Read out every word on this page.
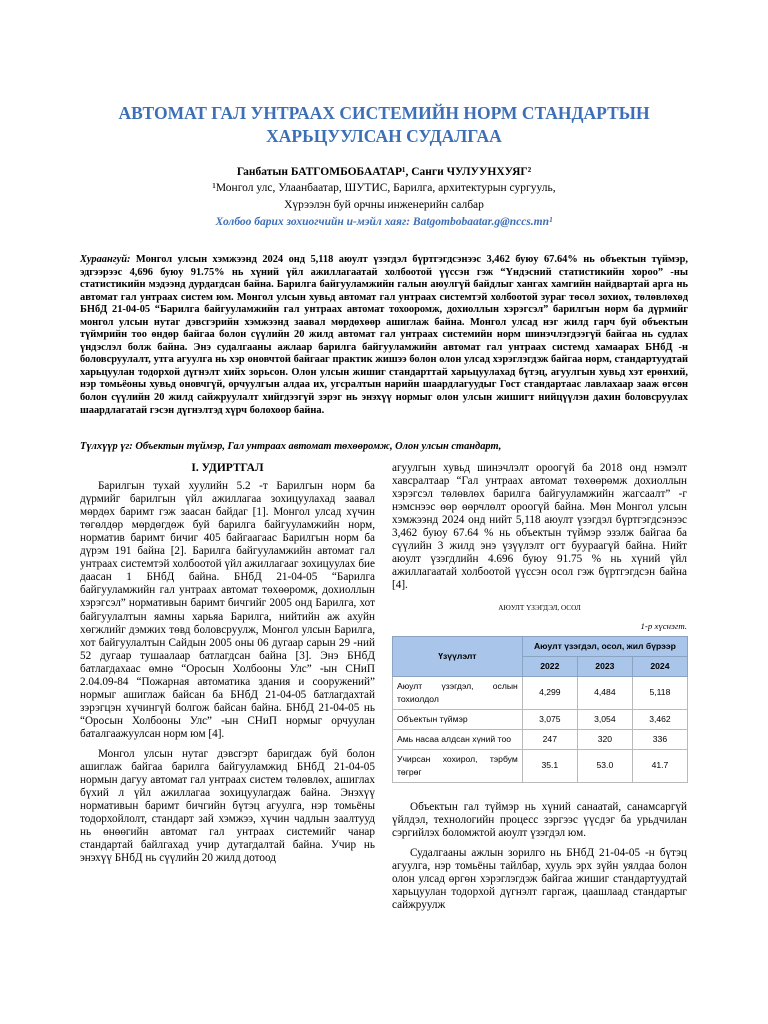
АВТОМАТ ГАЛ УНТРААХ СИСТЕМИЙН НОРМ СТАНДАРТЫН ХАРЬЦУУЛСАН СУДАЛГАА
Ганбатын БАТГОМБОБААТАР¹, Санги ЧУЛУУНХУЯГ²
¹Монгол улс, Улаанбаатар, ШУТИС, Барилга, архитектурын сургууль,
Хүрээлэн буй орчны инженерийн салбар
Холбоо барих зохиогчийн и-мэйл хаяг: Batgombobaatar.g@nccs.mn¹
Хураангуй: Монгол улсын хэмжээнд 2024 онд 5,118 аюулт үзэгдэл бүртгэгдсэнээс 3,462 буюу 67.64% нь объектын түймэр, эдгээрээс 4,696 буюу 91.75% нь хүний үйл ажиллагаатай холбоотой үүссэн гэж “Үндэсний статистикийн хороо” -ны статистикийн мэдээнд дурдагдсан байна. Барилга байгууламжийн галын аюулгүй байдлыг хангах хамгийн найдвартай арга нь автомат гал унтраах систем юм. Монгол улсын хувьд автомат гал унтраах системтэй холбоотой зураг төсөл зохиох, төлөвлөхөд БНбД 21-04-05 “Барилга байгууламжийн гал унтраах автомат тохооромж, дохиоллын хэрэгсэл” барилгын норм ба дүрмийг монгол улсын нутаг дэвсгэрийн хэмжээнд заавал мөрдөхөөр ашиглаж байна. Монгол улсад нэг жилд гарч буй объектын түймрийн тоо өндөр байгаа болон сүүлийн 20 жилд автомат гал унтраах системийн норм шинэчлэгдээгүй байгаа нь судлах үндэслэл болж байна. Энэ судалгааны ажлаар барилга байгууламжийн автомат гал унтраах системд хамаарах БНбД -н боловсруулалт, утга агуулга нь хэр оновчтой байгааг практик жишээ болон олон улсад хэрэглэгдэж байгаа норм, стандартуудтай харьцуулан тодорхой дүгнэлт хийх зорьсон. Олон улсын жишиг стандарттай харьцуулахад бүтэц, агуулгын хувьд хэт ерөнхий, нэр томьёоны хувьд оновчгүй, орчуулгын алдаа их, угсралтын нарийн шаардлагуудыг Гост стандартаас лавлахаар зааж өгсөн болон сүүлийн 20 жилд сайжруулалт хийгдээгүй зэрэг нь энэхүү нормыг олон улсын жишигт нийцүүлэн дахин боловсруулах шаардлагатай гэсэн дүгнэлтэд хүрч болохоор байна.
Түлхүүр үг: Объектын түймэр, Гал унтраах автомат төхөөромж, Олон улсын стандарт,
I. УДИРТГАЛ

Барилгын тухай хуулийн 5.2 -т Барилгын норм ба дүрмийг барилгын үйл ажиллагаа зохицуулахад заавал мөрдөх баримт гэж заасан байдаг [1]. Монгол улсад хүчин төгөлдөр мөрдөгдөж буй барилга байгууламжийн норм, норматив баримт бичиг 405 байгаагаас Барилгын норм ба дүрэм 191 байна [2]. Барилга байгууламжийн автомат гал унтраах системтэй холбоотой үйл ажиллагааг зохицуулах бие даасан 1 БНбД байна. БНбД 21-04-05 “Барилга байгууламжийн гал унтраах автомат төхөөромж, дохиоллын хэрэгсэл” нормативын баримт бичгийг 2005 онд Барилга, хот байгуулалтын яамны харьяа Барилга, нийтийн аж ахуйн хөгжлийг дэмжих төвд боловсруулж, Монгол улсын Барилга, хот байгуулалтын Сайдын 2005 оны 06 дугаар сарын 29 -ний 52 дугаар тушаалаар батлагдсан байна [3]. Энэ БНбД батлагдахаас өмнө “Оросын Холбооны Улс” -ын СНиП 2.04.09-84 “Пожарная автоматика здания и сооружений” нормыг ашиглаж байсан ба БНбД 21-04-05 батлагдахтай зэрэгцэн хүчингүй болгож байсан байна. БНбД 21-04-05 нь “Оросын Холбооны Улс” -ын СНиП нормыг орчуулан баталгаажуулсан норм юм [4].

Монгол улсын нутаг дэвсгэрт баригдаж буй болон ашиглаж байгаа барилга байгууламжид БНбД 21-04-05 нормын дагуу автомат гал унтраах систем төлөвлөх, ашиглах бүхий л үйл ажиллагаа зохицуулагдаж байна. Энэхүү нормативын баримт бичгийн бүтэц агуулга, нэр томьёны тодорхойлолт, стандарт зай хэмжээ, хүчин чадлын заалтууд нь өнөөгийн автомат гал унтраах системийг чанар стандартай байлгахад учир дутагдалтай байна. Учир нь энэхүү БНбД нь сүүлийн 20 жилд дотоод

агуулгын хувьд шинэчлэлт ороогүй ба 2018 онд нэмэлт хавсралтаар “Гал унтраах автомат төхөөрөмж дохиоллын хэрэгсэл төлөвлөх барилга байгууламжийн жагсаалт” -г нэмснээс өөр өөрчлөлт ороогүй байна. Мөн Монгол улсын хэмжээнд 2024 онд нийт 5,118 аюулт үзэгдэл бүртгэгдсэнээс 3,462 буюу 67.64 % нь объектын түймэр эзэлж байгаа ба сүүлийн 3 жилд энэ үзүүлэлт огт буураагүй байна. Нийт аюулт үзэгдлийн 4.696 буюу 91.75 % нь хүний үйл ажиллагаатай холбоотой үүссэн осол гэж бүртгэгдсэн байна [4].

АЮУЛТ ҮЗЭГДЭЛ, ОСОЛ
1-р хүснэгт.
Үзүүлэлт	Аюулт үзэгдэл, осол, жил бүрээр		
	2022	2023	2024
Аюулт үзэгдэл, ослын тохиолдол	4,299	4,484	5,118
Объектын түймэр	3,075	3,054	3,462
Амь насаа алдсан хүний тоо	247	320	336
Учирсан хохирол, тэрбум төгрөг	35.1	53.0	41.7

Объектын гал түймэр нь хүний санаатай, санамсаргүй үйлдэл, технологийн процесс зэргээс үүсдэг ба урьдчилан сэргийлэх боломжтой аюулт үзэгдэл юм.

Судалгааны ажлын зорилго нь БНбД 21-04-05 -н бүтэц агуулга, нэр томьёны тайлбар, хууль эрх зүйн уялдаа болон олон улсад өргөн хэрэглэгдэж байгаа жишиг стандартуудтай харьцуулан тодорхой дүгнэлт гаргаж, цаашлаад стандартыг сайжруулж
